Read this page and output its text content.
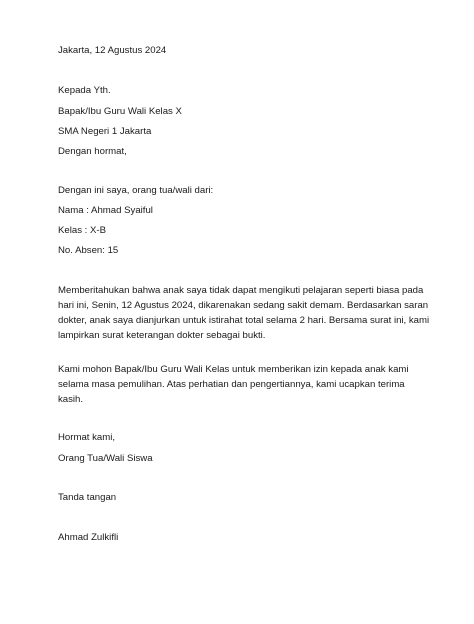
Jakarta, 12 Agustus 2024
Kepada Yth.
Bapak/Ibu Guru Wali Kelas X
SMA Negeri 1 Jakarta
Dengan hormat,
Dengan ini saya, orang tua/wali dari:
Nama : Ahmad Syaiful
Kelas : X-B
No. Absen: 15
Memberitahukan bahwa anak saya tidak dapat mengikuti pelajaran seperti biasa pada
hari ini, Senin, 12 Agustus 2024, dikarenakan sedang sakit demam. Berdasarkan saran
dokter, anak saya dianjurkan untuk istirahat total selama 2 hari. Bersama surat ini, kami
lampirkan surat keterangan dokter sebagai bukti.
Kami mohon Bapak/Ibu Guru Wali Kelas untuk memberikan izin kepada anak kami
selama masa pemulihan. Atas perhatian dan pengertiannya, kami ucapkan terima
kasih.
Hormat kami,
Orang Tua/Wali Siswa
Tanda tangan
Ahmad Zulkifli
